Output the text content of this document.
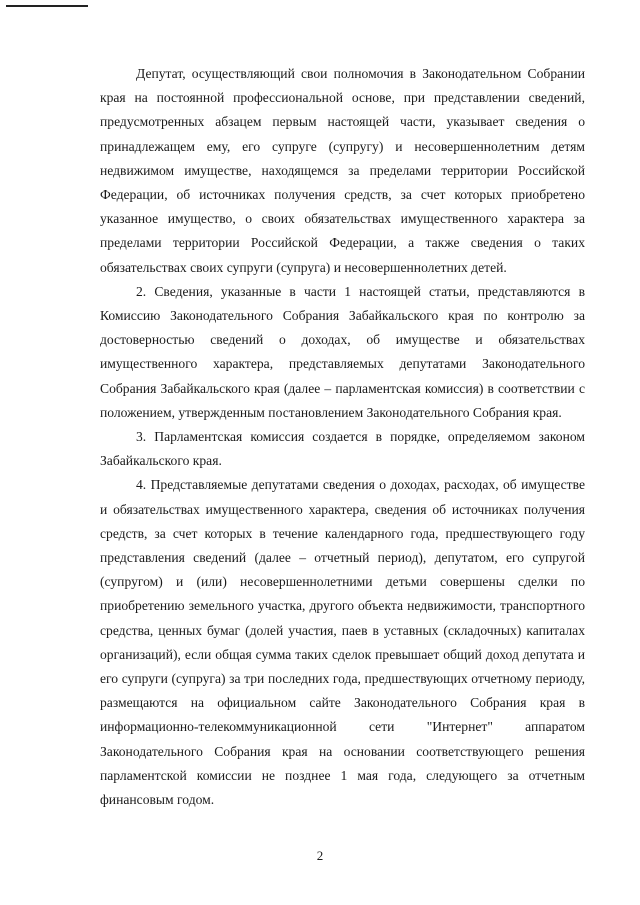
Депутат, осуществляющий свои полномочия в Законодательном Собрании края на постоянной профессиональной основе, при представлении сведений, предусмотренных абзацем первым настоящей части, указывает сведения о принадлежащем ему, его супруге (супругу) и несовершеннолетним детям недвижимом имуществе, находящемся за пределами территории Российской Федерации, об источниках получения средств, за счет которых приобретено указанное имущество, о своих обязательствах имущественного характера за пределами территории Российской Федерации, а также сведения о таких обязательствах своих супруги (супруга) и несовершеннолетних детей.

2. Сведения, указанные в части 1 настоящей статьи, представляются в Комиссию Законодательного Собрания Забайкальского края по контролю за достоверностью сведений о доходах, об имуществе и обязательствах имущественного характера, представляемых депутатами Законодательного Собрания Забайкальского края (далее – парламентская комиссия) в соответствии с положением, утвержденным постановлением Законодательного Собрания края.

3. Парламентская комиссия создается в порядке, определяемом законом Забайкальского края.

4. Представляемые депутатами сведения о доходах, расходах, об имуществе и обязательствах имущественного характера, сведения об источниках получения средств, за счет которых в течение календарного года, предшествующего году представления сведений (далее – отчетный период), депутатом, его супругой (супругом) и (или) несовершеннолетними детьми совершены сделки по приобретению земельного участка, другого объекта недвижимости, транспортного средства, ценных бумаг (долей участия, паев в уставных (складочных) капиталах организаций), если общая сумма таких сделок превышает общий доход депутата и его супруги (супруга) за три последних года, предшествующих отчетному периоду, размещаются на официальном сайте Законодательного Собрания края в информационно-телекоммуникационной сети "Интернет" аппаратом Законодательного Собрания края на основании соответствующего решения парламентской комиссии не позднее 1 мая года, следующего за отчетным финансовым годом.

2
